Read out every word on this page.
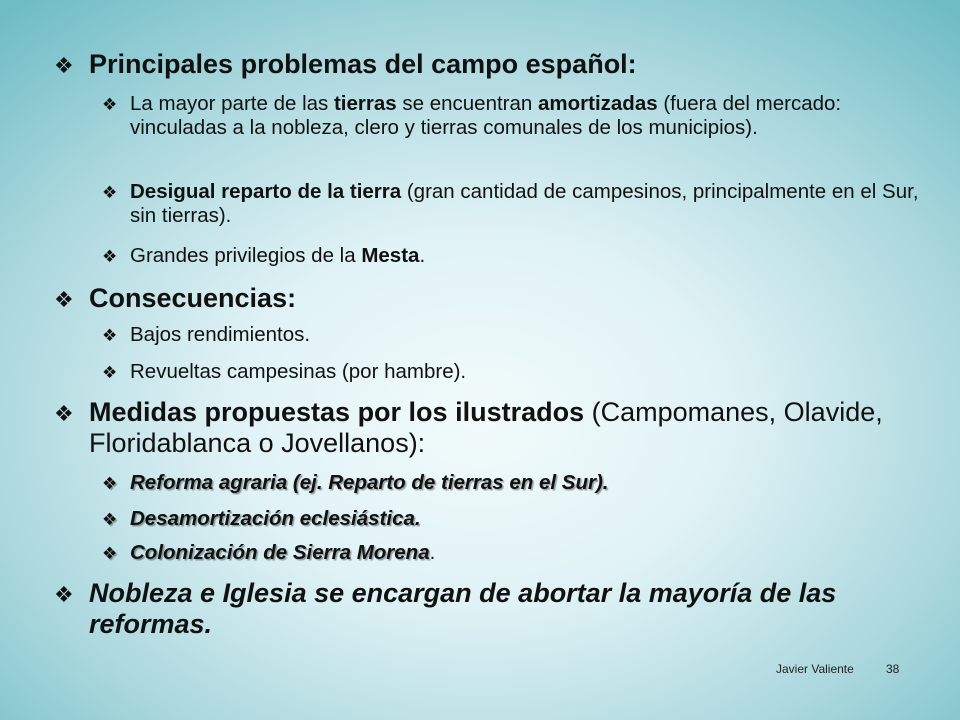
❖ Principales problemas del campo español:
❖ La mayor parte de las tierras se encuentran amortizadas (fuera del mercado: vinculadas a la nobleza, clero y tierras comunales de los municipios).
❖ Desigual reparto de la tierra (gran cantidad de campesinos, principalmente en el Sur, sin tierras).
❖ Grandes privilegios de la Mesta.
❖ Consecuencias:
❖ Bajos rendimientos.
❖ Revueltas campesinas (por hambre).
❖ Medidas propuestas por los ilustrados (Campomanes, Olavide, Floridablanca o Jovellanos):
❖ Reforma agraria (ej. Reparto de tierras en el Sur).
❖ Desamortización eclesiástica.
❖ Colonización de Sierra Morena.
❖ Nobleza e Iglesia se encargan de abortar la mayoría de las reformas.
Javier Valiente	38
